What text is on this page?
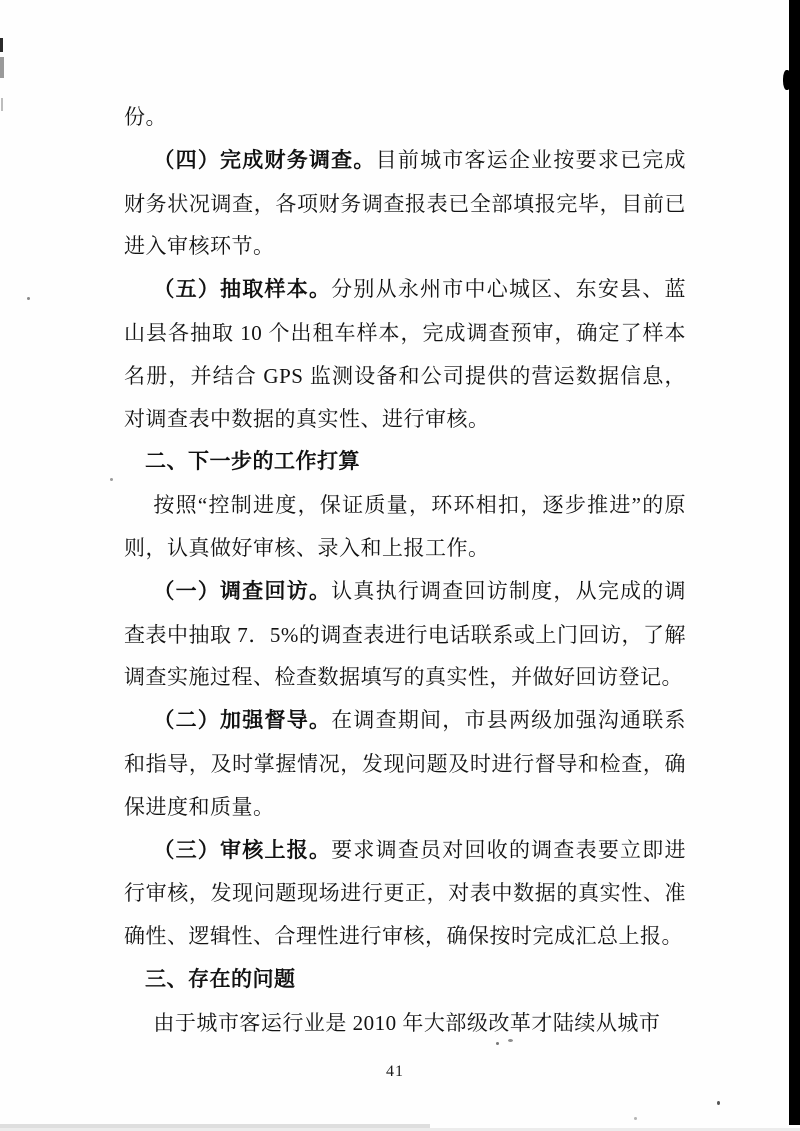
份。

（四）完成财务调查。目前城市客运企业按要求已完成财务状况调查，各项财务调查报表已全部填报完毕，目前已进入审核环节。

（五）抽取样本。分别从永州市中心城区、东安县、蓝山县各抽取 10 个出租车样本，完成调查预审，确定了样本名册，并结合 GPS 监测设备和公司提供的营运数据信息，对调查表中数据的真实性、进行审核。

二、下一步的工作打算

按照“控制进度，保证质量，环环相扣，逐步推进”的原则，认真做好审核、录入和上报工作。

（一）调查回访。认真执行调查回访制度，从完成的调查表中抽取 7．5%的调查表进行电话联系或上门回访，了解调查实施过程、检查数据填写的真实性，并做好回访登记。

（二）加强督导。在调查期间，市县两级加强沟通联系和指导，及时掌握情况，发现问题及时进行督导和检查，确保进度和质量。

（三）审核上报。要求调查员对回收的调查表要立即进行审核，发现问题现场进行更正，对表中数据的真实性、准确性、逻辑性、合理性进行审核，确保按时完成汇总上报。

三、存在的问题

由于城市客运行业是 2010 年大部级改革才陆续从城市

41
